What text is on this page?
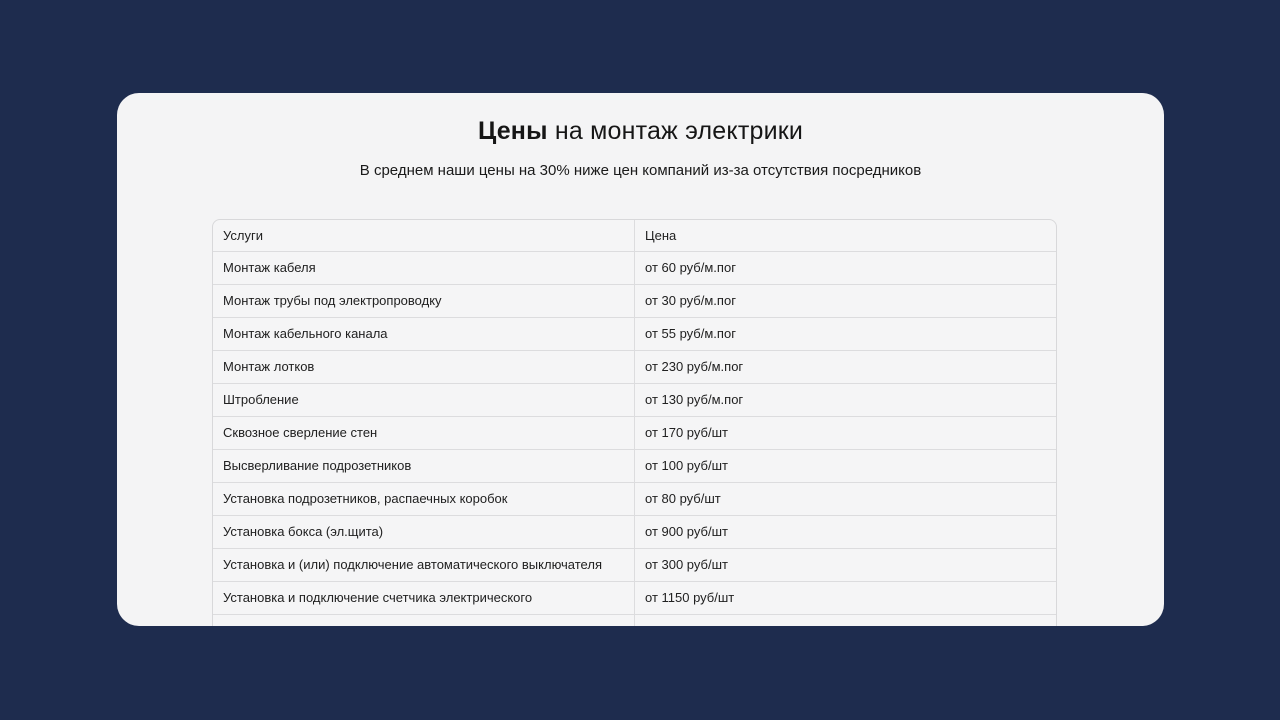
Цены на монтаж электрики

В среднем наши цены на 30% ниже цен компаний из-за отсутствия посредников

Услуги	Цена
Монтаж кабеля	от 60 руб/м.пог
Монтаж трубы под электропроводку	от 30 руб/м.пог
Монтаж кабельного канала	от 55 руб/м.пог
Монтаж лотков	от 230 руб/м.пог
Штробление	от 130 руб/м.пог
Сквозное сверление стен	от 170 руб/шт
Высверливание подрозетников	от 100 руб/шт
Установка подрозетников, распаечных коробок	от 80 руб/шт
Установка бокса (эл.щита)	от 900 руб/шт
Установка и (или) подключение автоматического выключателя	от 300 руб/шт
Установка и подключение счетчика электрического	от 1150 руб/шт
